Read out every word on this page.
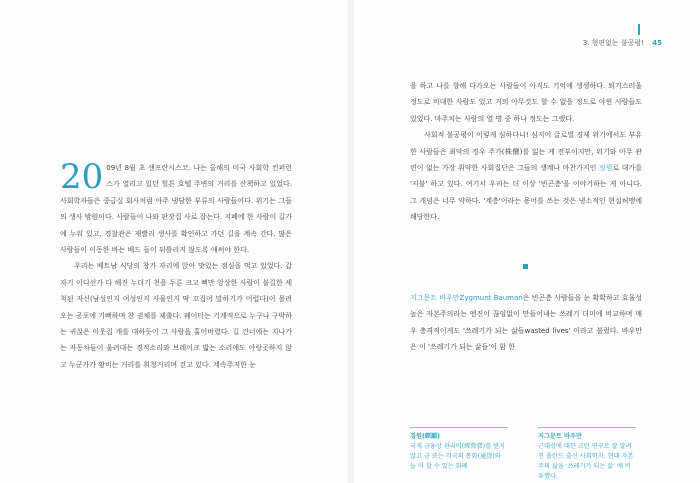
3. 형편없는 불공평! 45
20 09년 8월 초 샌프란시스코. 나는 올해의 미국 사회학 컨퍼런스가 열리고 있던 힐튼 호텔 주변의 거리를 산책하고 있었다. 사회학자들은 중급실 회사처럼 아주 냉담한 부류의 사람들이다. 위기는 그들의 생사 밖원이다. 사람들이 나와 판잣집 사로 잡는다. 지폐에 한 사람이 길가에 누워 있고, 경찰관은 재빨리 생사를 확인하고 가던 길을 계속 간다. 많은 사람들이 이동한 바는 베드 들이 뒤틀리지 않도록 애써야 한다.

우리는 베트남 식당의 창가 자리에 앉아 맛있는 점심을 먹고 있었다. 갑자기 이디선가 다 해진 누더기 천을 두른 크고 뻐만 앙상한 사람이 불길한 세척된 자신(남성인지 여성인지 사물인지 딱 꼬집어 말하기가 어렵다)이 몰려오는 공포에 기뻐하며 찬 권체를 제출다. 웨이터는 기계적으로 누구나 구박하는 귀찮은 이웃집 개를 대하듯이 그 사람을 홀어버렸다. 길 건너에는 지나가는 자동차들이 울려대는 경적소리와 브레이크 밟는 소리에도 아랑곳하지 않고 누군가가 황비는 거리를 휘청거리며 걷고 있다. 계속주저한 눈

을 하고 나를 향해 다가오는 사람들이 아직도 기억에 생생하다. 퇴기스러울 정도로 비대한 사람도 있고 거의 아무것도 할 수 없을 정도로 야윈 사람들도 있었다. 마주치는 사람의 열 명 중 하나 정도는 그랬다.

사회적 불공평이 이렇게 심하다니! 심지어 글로벌 경제 위기에서도 부유한 사람들은 최악의 경우 주가(株價)를 잃는 게 전부이지만, 위기와 아무 관련이 없는 가장 취약한 사회집단은 그들의 생계나 마찬가지인 정원로 대가를 '지불' 하고 있다. 여기서 우리는 더 이상 '빈곤층'을 이야기하는 게 아니다. 그 개념은 너무 약하다. '계층'이라는 용어를 쓰는 것은 냉소적인 현실허맹에 해당한다.

지그문트 바우만Zygmunt Bauman은 빈곤층 사람들을 눈 확확하고 효율성 높은 자본주의라는 엔진이 끊임없이 만들어내는 쓰레기 더미에 비교하며 매우 충격적이게도 '쓰레기가 되는 삶들wasted lives' 이라고 불렀다. 바우만은 이 '쓰레기가 되는 삶들'이 함 한

경원(經願)
국제 금융상 관리비(經營費)를 받지 않고 금 또는 각국의 통화(通貨)와 늘 마 할 수 있는 화폐
지그문트 바우만
근대성에 대한 교란 연구로 잘 알려진 폴란드 출신 사회학자. 현대 자본주의 삶을 '쓰레기가 되는 삶' 에 비유했다.
